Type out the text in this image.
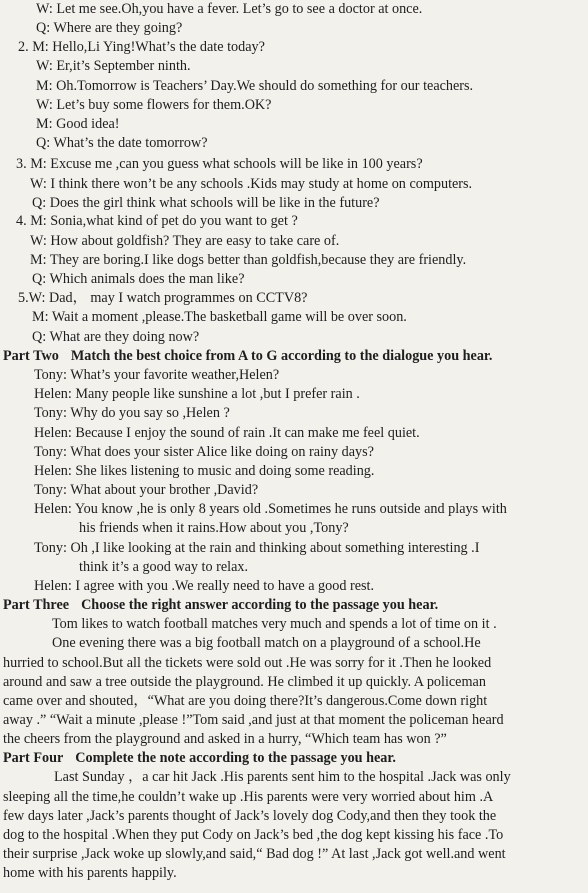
W: Let me see.Oh,you have a fever. Let’s go to see a doctor at once.
Q: Where are they going?
2. M: Hello,Li Ying!What’s the date today?
W: Er,it’s September ninth.
M: Oh.Tomorrow is Teachers’ Day.We should do something for our teachers.
W: Let’s buy some flowers for them.OK?
M: Good idea!
Q: What’s the date tomorrow?
3. M: Excuse me ,can you guess what schools will be like in 100 years?
W: I think there won’t be any schools .Kids may study at home on computers.
Q: Does the girl think what schools will be like in the future?
4. M: Sonia,what kind of pet do you want to get ?
W: How about goldfish? They are easy to take care of.
M: They are boring.I like dogs better than goldfish,because they are friendly.
Q: Which animals does the man like?
5.W: Dad， may I watch programmes on CCTV8?
M: Wait a moment ,please.The basketball game will be over soon.
Q: What are they doing now?
Part Two Match the best choice from A to G according to the dialogue you hear.
Tony: What’s your favorite weather,Helen?
Helen: Many people like sunshine a lot ,but I prefer rain .
Tony: Why do you say so ,Helen ?
Helen: Because I enjoy the sound of rain .It can make me feel quiet.
Tony: What does your sister Alice like doing on rainy days?
Helen: She likes listening to music and doing some reading.
Tony: What about your brother ,David?
Helen: You know ,he is only 8 years old .Sometimes he runs outside and plays with
his friends when it rains.How about you ,Tony?
Tony: Oh ,I like looking at the rain and thinking about something interesting .I
think it’s a good way to relax.
Helen: I agree with you .We really need to have a good rest.
Part Three Choose the right answer according to the passage you hear.
Tom likes to watch football matches very much and spends a lot of time on it .
One evening there was a big football match on a playground of a school.He
hurried to school.But all the tickets were sold out .He was sorry for it .Then he looked
around and saw a tree outside the playground. He climbed it up quickly. A policeman
came over and shouted，“What are you doing there?It’s dangerous.Come down right
away .” “Wait a minute ,please !”Tom said ,and just at that moment the policeman heard
the cheers from the playground and asked in a hurry, “Which team has won ?”
Part Four Complete the note according to the passage you hear.
Last Sunday ，a car hit Jack .His parents sent him to the hospital .Jack was only
sleeping all the time,he couldn’t wake up .His parents were very worried about him .A
few days later ,Jack’s parents thought of Jack’s lovely dog Cody,and then they took the
dog to the hospital .When they put Cody on Jack’s bed ,the dog kept kissing his face .To
their surprise ,Jack woke up slowly,and said,“ Bad dog !” At last ,Jack got well.and went
home with his parents happily.
